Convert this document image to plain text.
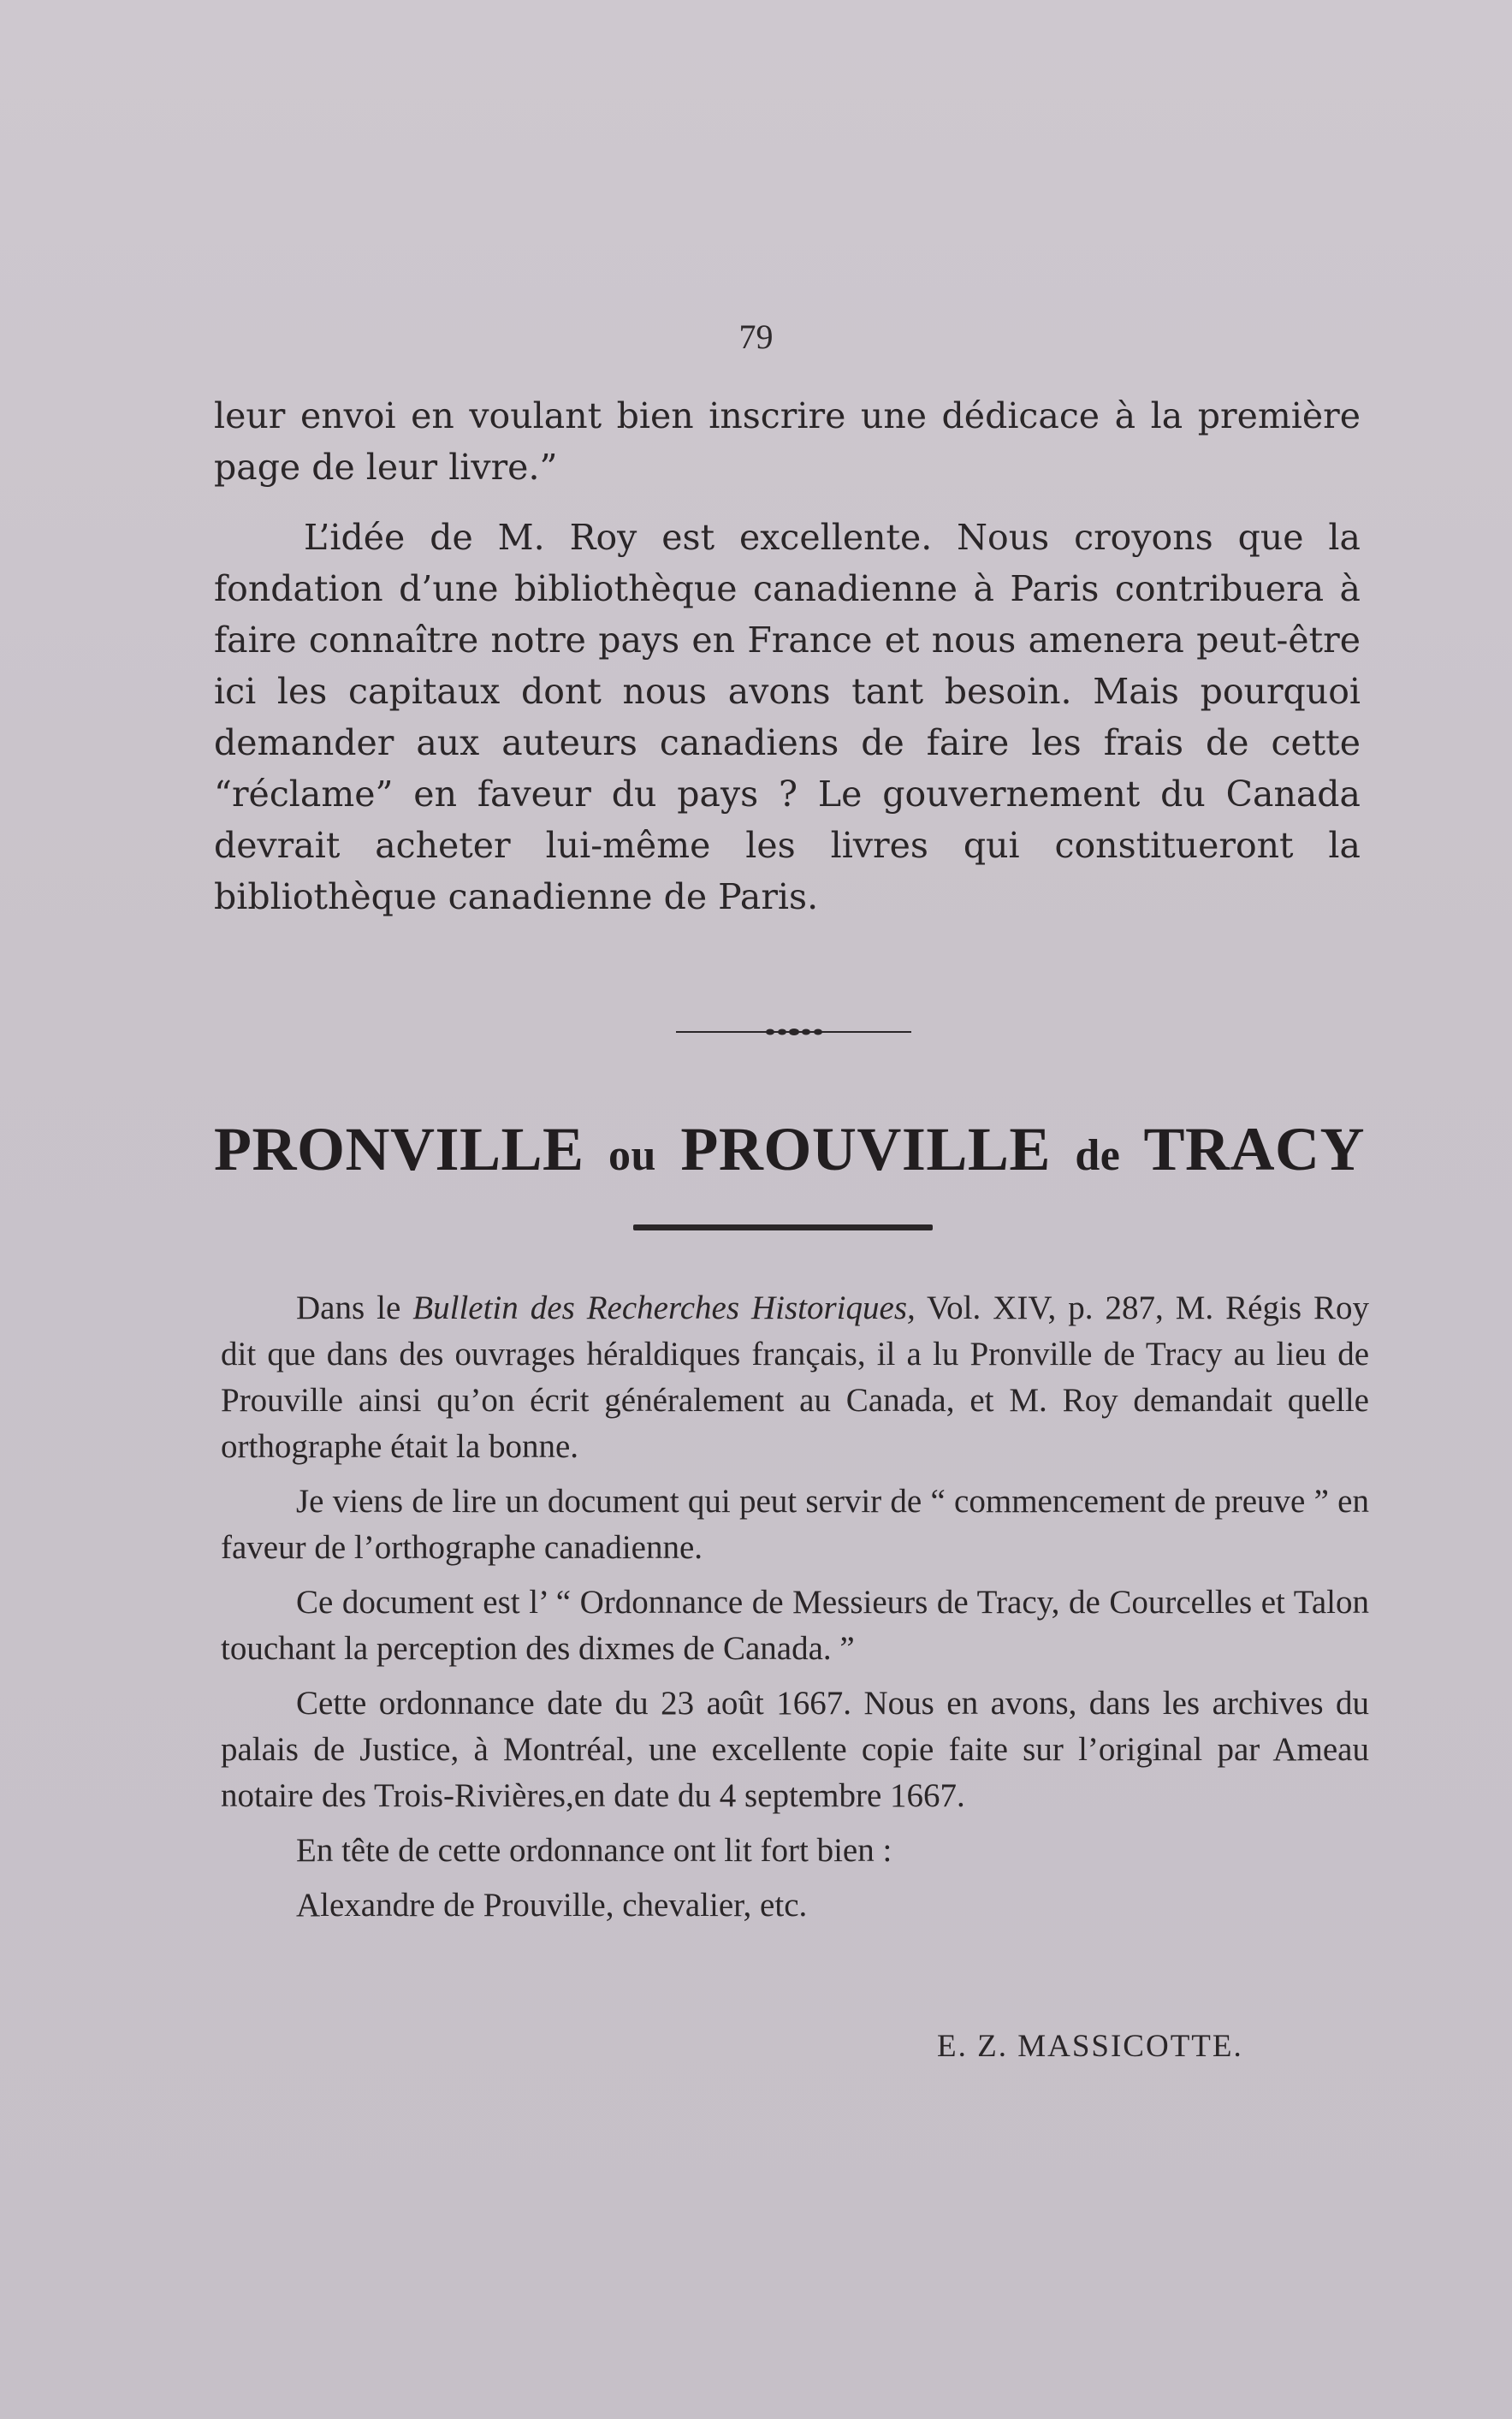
79

leur envoi en voulant bien inscrire une dédicace à la première page de leur livre.”

L’idée de M. Roy est excellente. Nous croyons que la fondation d’une bibliothèque canadienne à Paris contribuera à faire connaître notre pays en France et nous amenera peut-être ici les capitaux dont nous avons tant besoin. Mais pourquoi demander aux auteurs canadiens de faire les frais de cette “réclame” en faveur du pays ? Le gouvernement du Canada devrait acheter lui-même les livres qui constitueront la bibliothèque canadienne de Paris.

PRONVILLE ou PROUVILLE de TRACY

Dans le Bulletin des Recherches Historiques, Vol. XIV, p. 287, M. Régis Roy dit que dans des ouvrages héraldiques français, il a lu Pronville de Tracy au lieu de Prouville ainsi qu’on écrit généralement au Canada, et M. Roy demandait quelle orthographe était la bonne.

Je viens de lire un document qui peut servir de “ commencement de preuve ” en faveur de l’orthographe canadienne.

Ce document est l’ “ Ordonnance de Messieurs de Tracy, de Courcelles et Talon touchant la perception des dixmes de Canada. ”

Cette ordonnance date du 23 août 1667. Nous en avons, dans les archives du palais de Justice, à Montréal, une excellente copie faite sur l’original par Ameau notaire des Trois-Rivières,en date du 4 septembre 1667.

En tête de cette ordonnance ont lit fort bien :

Alexandre de Prouville, chevalier, etc.

E. Z. MASSICOTTE.
